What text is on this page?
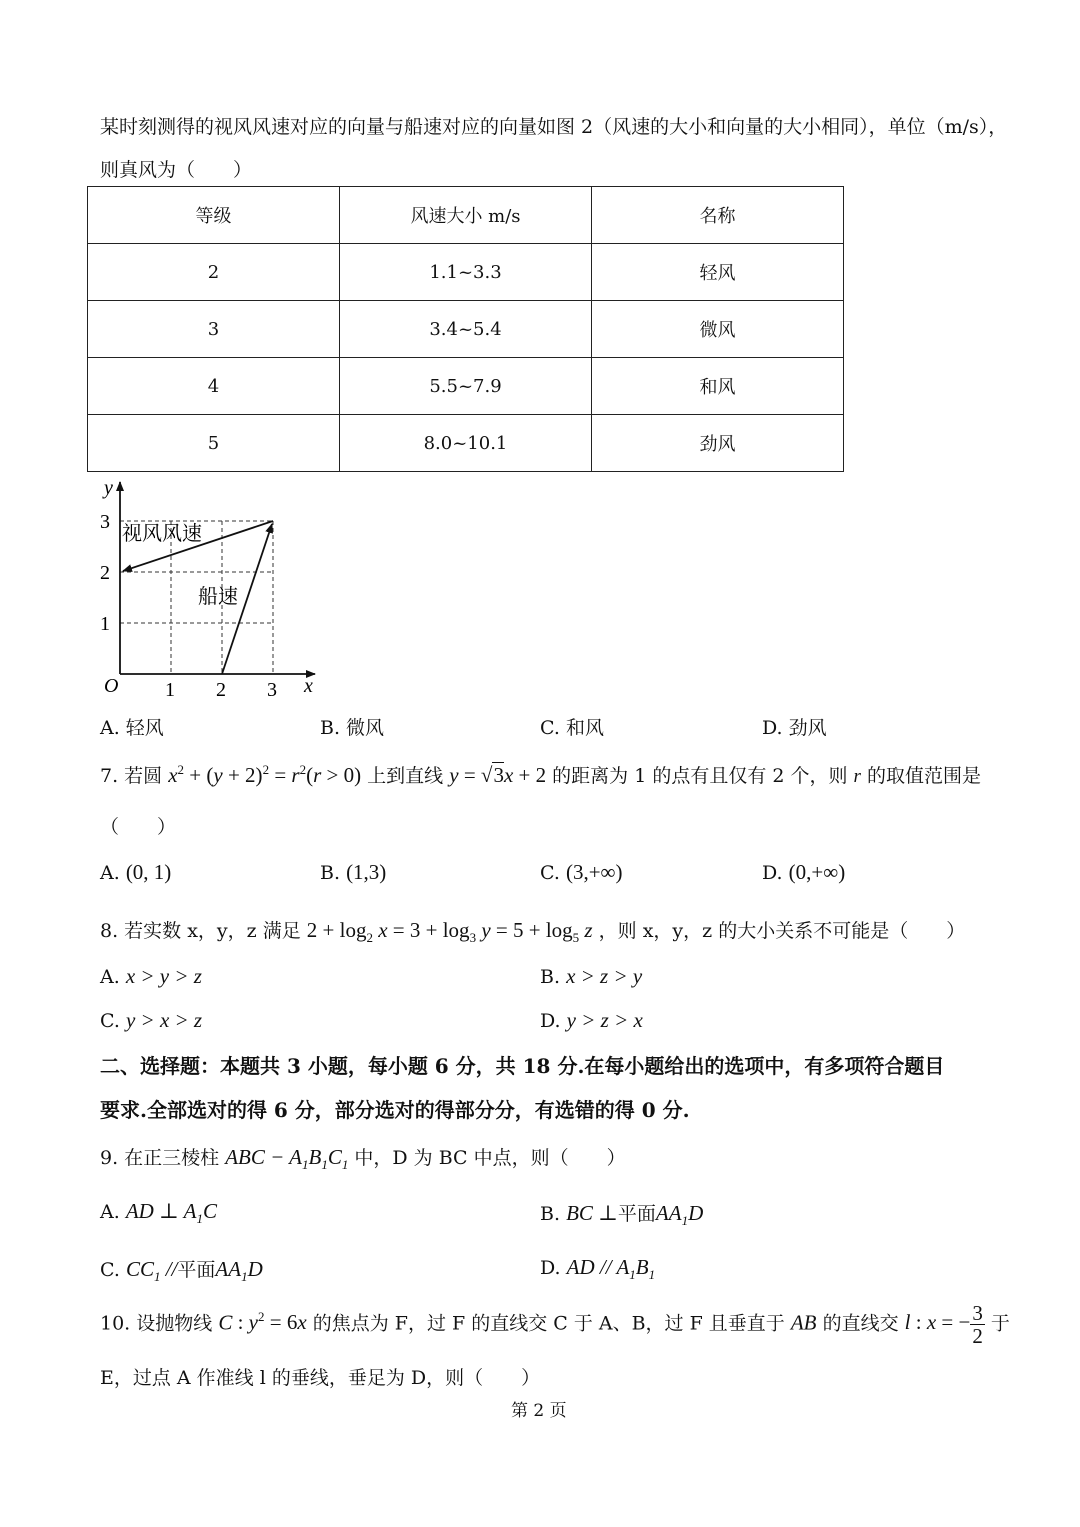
某时刻测得的视风风速对应的向量与船速对应的向量如图 2（风速的大小和向量的大小相同），单位（m/s），
则真风为（　　）
等级	风速大小 m/s	名称
2	1.1~3.3	轻风
3	3.4~5.4	微风
4	5.5~7.9	和风
5	8.0~10.1	劲风
y
x
O 1 2 3
1
2
3 视风风速
船速
A. 轻风	B. 微风	C. 和风	D. 劲风
7. 若圆 $x^2 + (y + 2)^2 = r^2(r > 0)$ 上到直线 y = √3x + 2 的距离为 1 的点有且仅有 2 个，则 r 的取值范围是
（　　）
A. (0, 1)	B. (1,3)	C. (3,+∞)	D. (0,+∞)
8. 若实数 x，y，z 满足 $2 + \log_2 x = 3 + \log_3 y = 5 + \log_5 z$ ，则 x，y，z 的大小关系不可能是（　　）
A. x > y > z	B. x > z > y
C. y > x > z	D. y > z > x
二、选择题：本题共 3 小题，每小题 6 分，共 18 分.在每小题给出的选项中，有多项符合题目
要求.全部选对的得 6 分，部分选对的得部分分，有选错的得 0 分.
9. 在正三棱柱 ABC − $A_1B_1C_1$ 中，D 为 BC 中点，则（　　）
A. AD ⊥ $A_1C$	B. BC ⊥平面$AA_1D$
C. $CC_1$ //平面$AA_1D$	D. AD // $A_1B_1$
10. 设抛物线 C : $y^2 = 6x$ 的焦点为 F，过 F 的直线交 C 于 A、B，过 F 且垂直于 AB 的直线交 l : x = − $\frac{3}{2}$ 于
E，过点 A 作准线 l 的垂线，垂足为 D，则（　　）
第 2 页
